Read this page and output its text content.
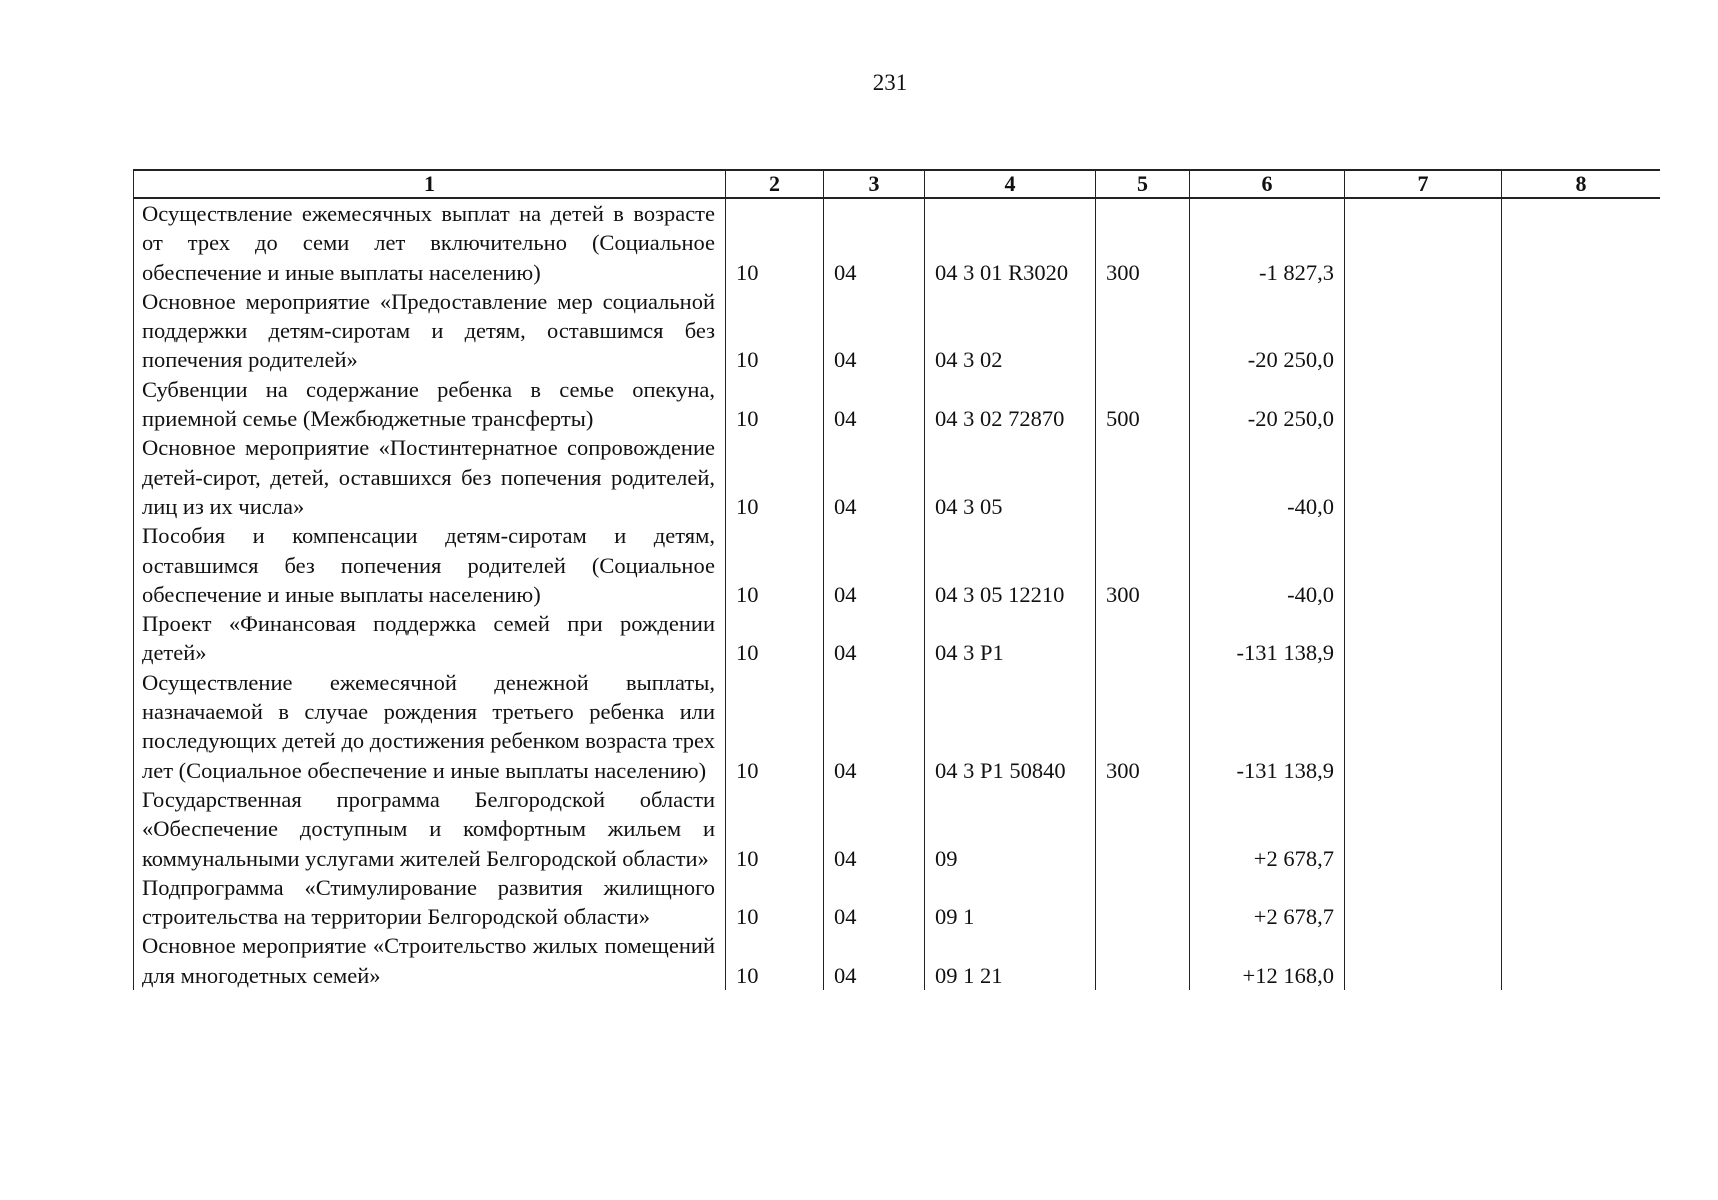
231
1	2	3	4	5	6	7	8
Осуществление ежемесячных выплат на детей в возрасте от трех до семи лет включительно (Социальное обеспечение и иные выплаты населению)	10	04	04 3 01 R3020	300	-1 827,3		
Основное мероприятие «Предоставление мер социальной поддержки детям-сиротам и детям, оставшимся без попечения родителей»	10	04	04 3 02		-20 250,0		
Субвенции на содержание ребенка в семье опекуна, приемной семье (Межбюджетные трансферты)	10	04	04 3 02 72870	500	-20 250,0		
Основное мероприятие «Постинтернатное сопровождение детей-сирот, детей, оставшихся без попечения родителей, лиц из их числа»	10	04	04 3 05		-40,0		
Пособия и компенсации детям-сиротам и детям, оставшимся без попечения родителей (Социальное обеспечение и иные выплаты населению)	10	04	04 3 05 12210	300	-40,0		
Проект «Финансовая поддержка семей при рождении детей»	10	04	04 3 P1		-131 138,9		
Осуществление ежемесячной денежной выплаты, назначаемой в случае рождения третьего ребенка или последующих детей до достижения ребенком возраста трех лет (Социальное обеспечение и иные выплаты населению)	10	04	04 3 P1 50840	300	-131 138,9		
Государственная программа Белгородской области «Обеспечение доступным и комфортным жильем и коммунальными услугами жителей Белгородской области»	10	04	09		+2 678,7		
Подпрограмма «Стимулирование развития жилищного строительства на территории Белгородской области»	10	04	09 1		+2 678,7		
Основное мероприятие «Строительство жилых помещений для многодетных семей»	10	04	09 1 21		+12 168,0		
